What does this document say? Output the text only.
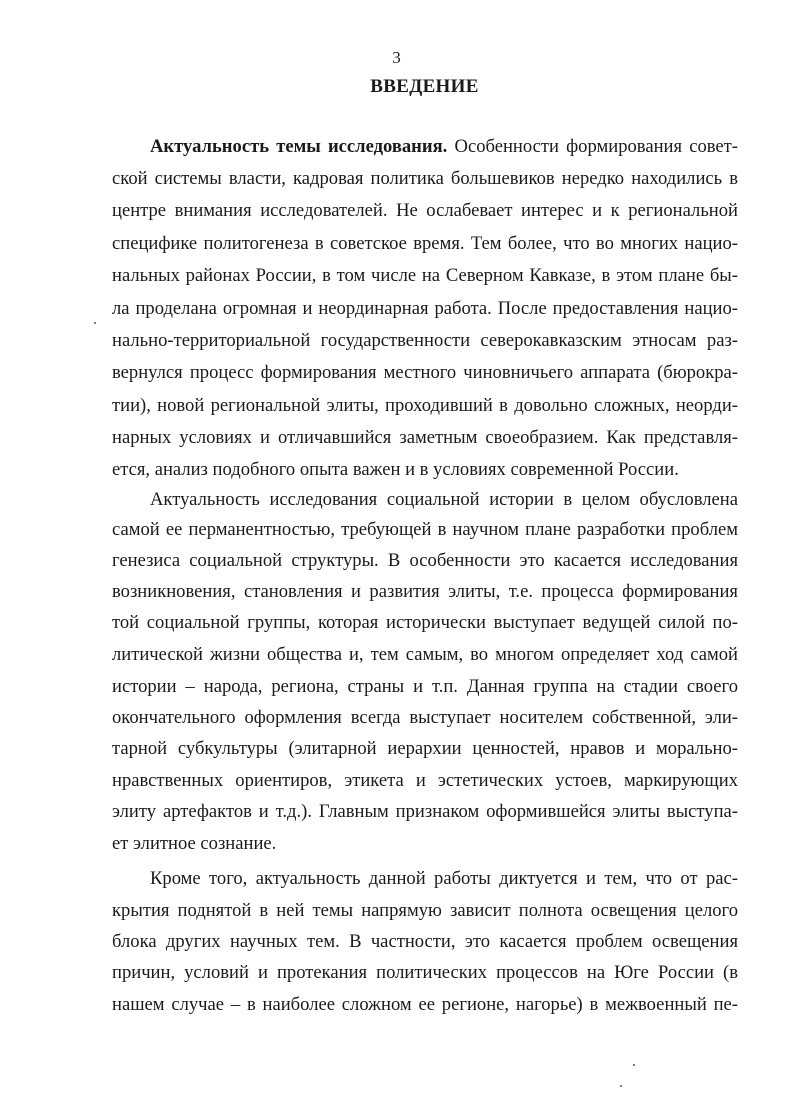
3
ВВЕДЕНИЕ
Актуальность темы исследования. Особенности формирования совет-
ской системы власти, кадровая политика большевиков нередко находились в
центре внимания исследователей. Не ослабевает интерес и к региональной
специфике политогенеза в советское время. Тем более, что во многих нацио-
нальных районах России, в том числе на Северном Кавказе, в этом плане бы-
ла проделана огромная и неординарная работа. После предоставления нацио-
нально-территориальной государственности северокавказским этносам раз-
вернулся процесс формирования местного чиновничьего аппарата (бюрокра-
тии), новой региональной элиты, проходивший в довольно сложных, неорди-
нарных условиях и отличавшийся заметным своеобразием. Как представля-
ется, анализ подобного опыта важен и в условиях современной России.
Актуальность исследования социальной истории в целом обусловлена
самой ее перманентностью, требующей в научном плане разработки проблем
генезиса социальной структуры. В особенности это касается исследования
возникновения, становления и развития элиты, т.е. процесса формирования
той социальной группы, которая исторически выступает ведущей силой по-
литической жизни общества и, тем самым, во многом определяет ход самой
истории – народа, региона, страны и т.п. Данная группа на стадии своего
окончательного оформления всегда выступает носителем собственной, эли-
тарной субкультуры (элитарной иерархии ценностей, нравов и морально-
нравственных ориентиров, этикета и эстетических устоев, маркирующих
элиту артефактов и т.д.). Главным признаком оформившейся элиты выступа-
ет элитное сознание.
Кроме того, актуальность данной работы диктуется и тем, что от рас-
крытия поднятой в ней темы напрямую зависит полнота освещения целого
блока других научных тем. В частности, это касается проблем освещения
причин, условий и протекания политических процессов на Юге России (в
нашем случае – в наиболее сложном ее регионе, нагорье) в межвоенный пе-
